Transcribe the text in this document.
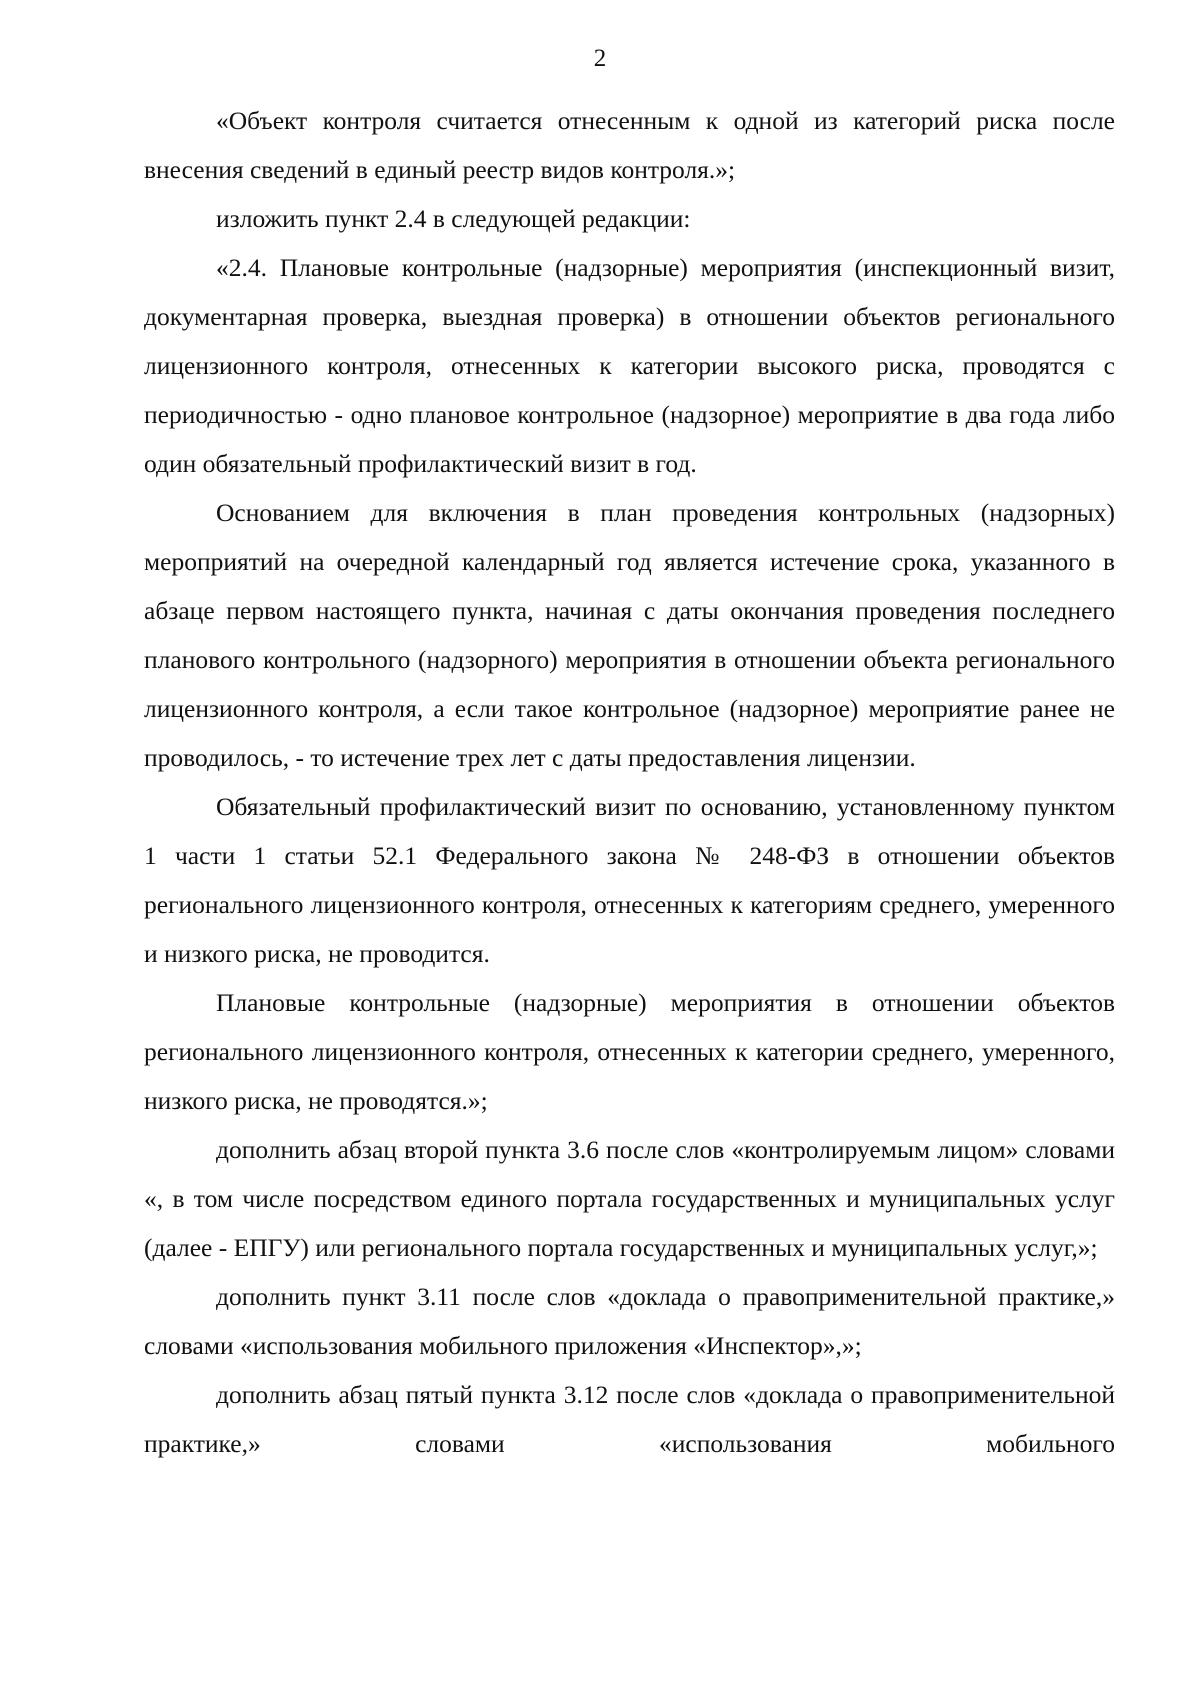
2

«Объект контроля считается отнесенным к одной из категорий риска после внесения сведений в единый реестр видов контроля.»;

изложить пункт 2.4 в следующей редакции:

«2.4. Плановые контрольные (надзорные) мероприятия (инспекционный визит, документарная проверка, выездная проверка) в отношении объектов регионального лицензионного контроля, отнесенных к категории высокого риска, проводятся с периодичностью - одно плановое контрольное (надзорное) мероприятие в два года либо один обязательный профилактический визит в год.

Основанием для включения в план проведения контрольных (надзорных) мероприятий на очередной календарный год является истечение срока, указанного в абзаце первом настоящего пункта, начиная с даты окончания проведения последнего планового контрольного (надзорного) мероприятия в отношении объекта регионального лицензионного контроля, а если такое контрольное (надзорное) мероприятие ранее не проводилось, - то истечение трех лет с даты предоставления лицензии.

Обязательный профилактический визит по основанию, установленному пунктом 1 части 1 статьи 52.1 Федерального закона № 248-ФЗ в отношении объектов регионального лицензионного контроля, отнесенных к категориям среднего, умеренного и низкого риска, не проводится.

Плановые контрольные (надзорные) мероприятия в отношении объектов регионального лицензионного контроля, отнесенных к категории среднего, умеренного, низкого риска, не проводятся.»;

дополнить абзац второй пункта 3.6 после слов «контролируемым лицом» словами «, в том числе посредством единого портала государственных и муниципальных услуг (далее - ЕПГУ) или регионального портала государственных и муниципальных услуг,»;

дополнить пункт 3.11 после слов «доклада о правоприменительной практике,» словами «использования мобильного приложения «Инспектор»,»;

дополнить абзац пятый пункта 3.12 после слов «доклада о правоприменительной практике,» словами «использования мобильного
